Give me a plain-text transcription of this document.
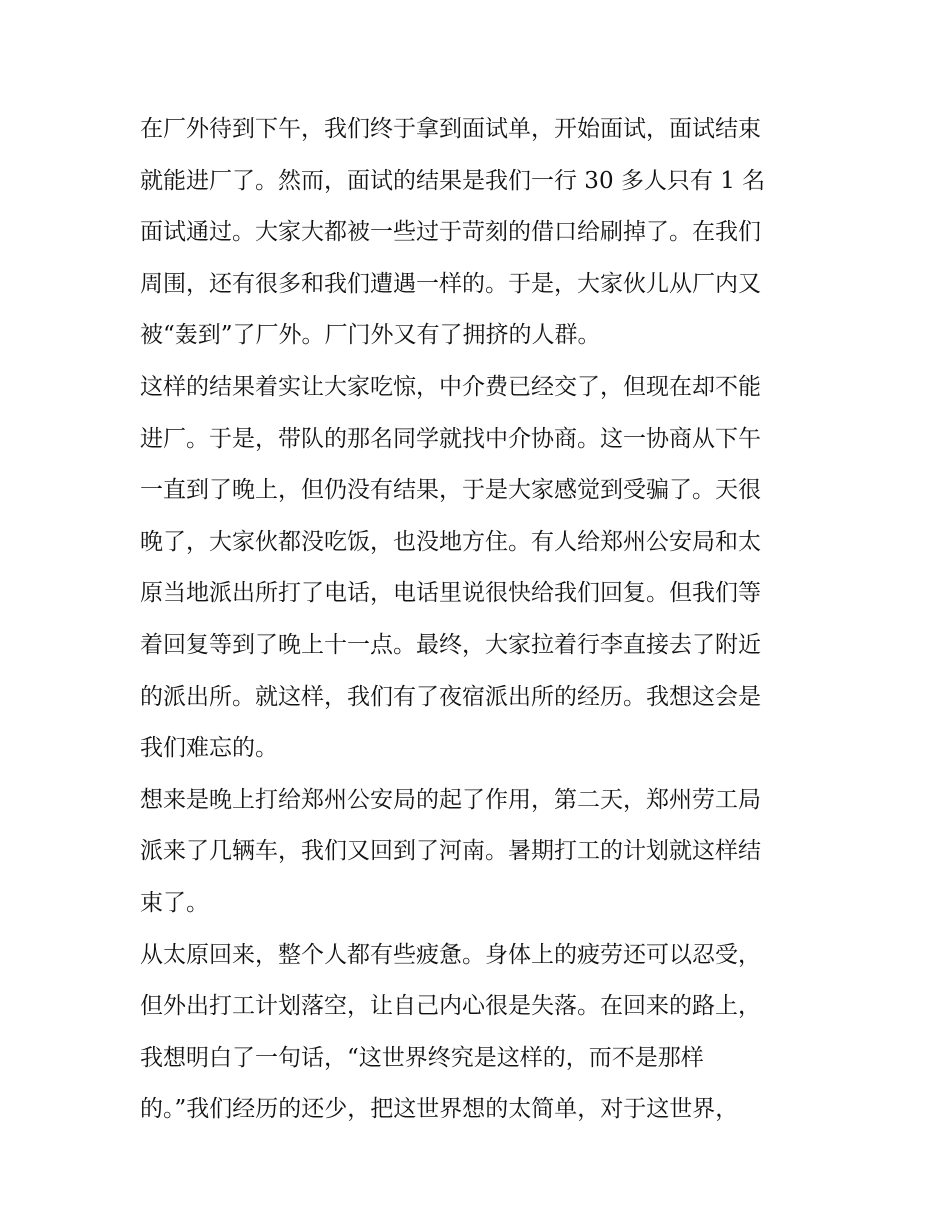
在厂外待到下午，我们终于拿到面试单，开始面试，面试结束

就能进厂了。然而，面试的结果是我们一行 30 多人只有 1 名

面试通过。大家大都被一些过于苛刻的借口给刷掉了。在我们

周围，还有很多和我们遭遇一样的。于是，大家伙儿从厂内又

被“轰到”了厂外。厂门外又有了拥挤的人群。

这样的结果着实让大家吃惊，中介费已经交了，但现在却不能

进厂。于是，带队的那名同学就找中介协商。这一协商从下午

一直到了晚上，但仍没有结果，于是大家感觉到受骗了。天很

晚了，大家伙都没吃饭，也没地方住。有人给郑州公安局和太

原当地派出所打了电话，电话里说很快给我们回复。但我们等

着回复等到了晚上十一点。最终，大家拉着行李直接去了附近

的派出所。就这样，我们有了夜宿派出所的经历。我想这会是

我们难忘的。

想来是晚上打给郑州公安局的起了作用，第二天，郑州劳工局

派来了几辆车，我们又回到了河南。暑期打工的计划就这样结

束了。

从太原回来，整个人都有些疲惫。身体上的疲劳还可以忍受，

但外出打工计划落空，让自己内心很是失落。在回来的路上，

我想明白了一句话，“这世界终究是这样的，而不是那样

的。”我们经历的还少，把这世界想的太简单，对于这世界，
